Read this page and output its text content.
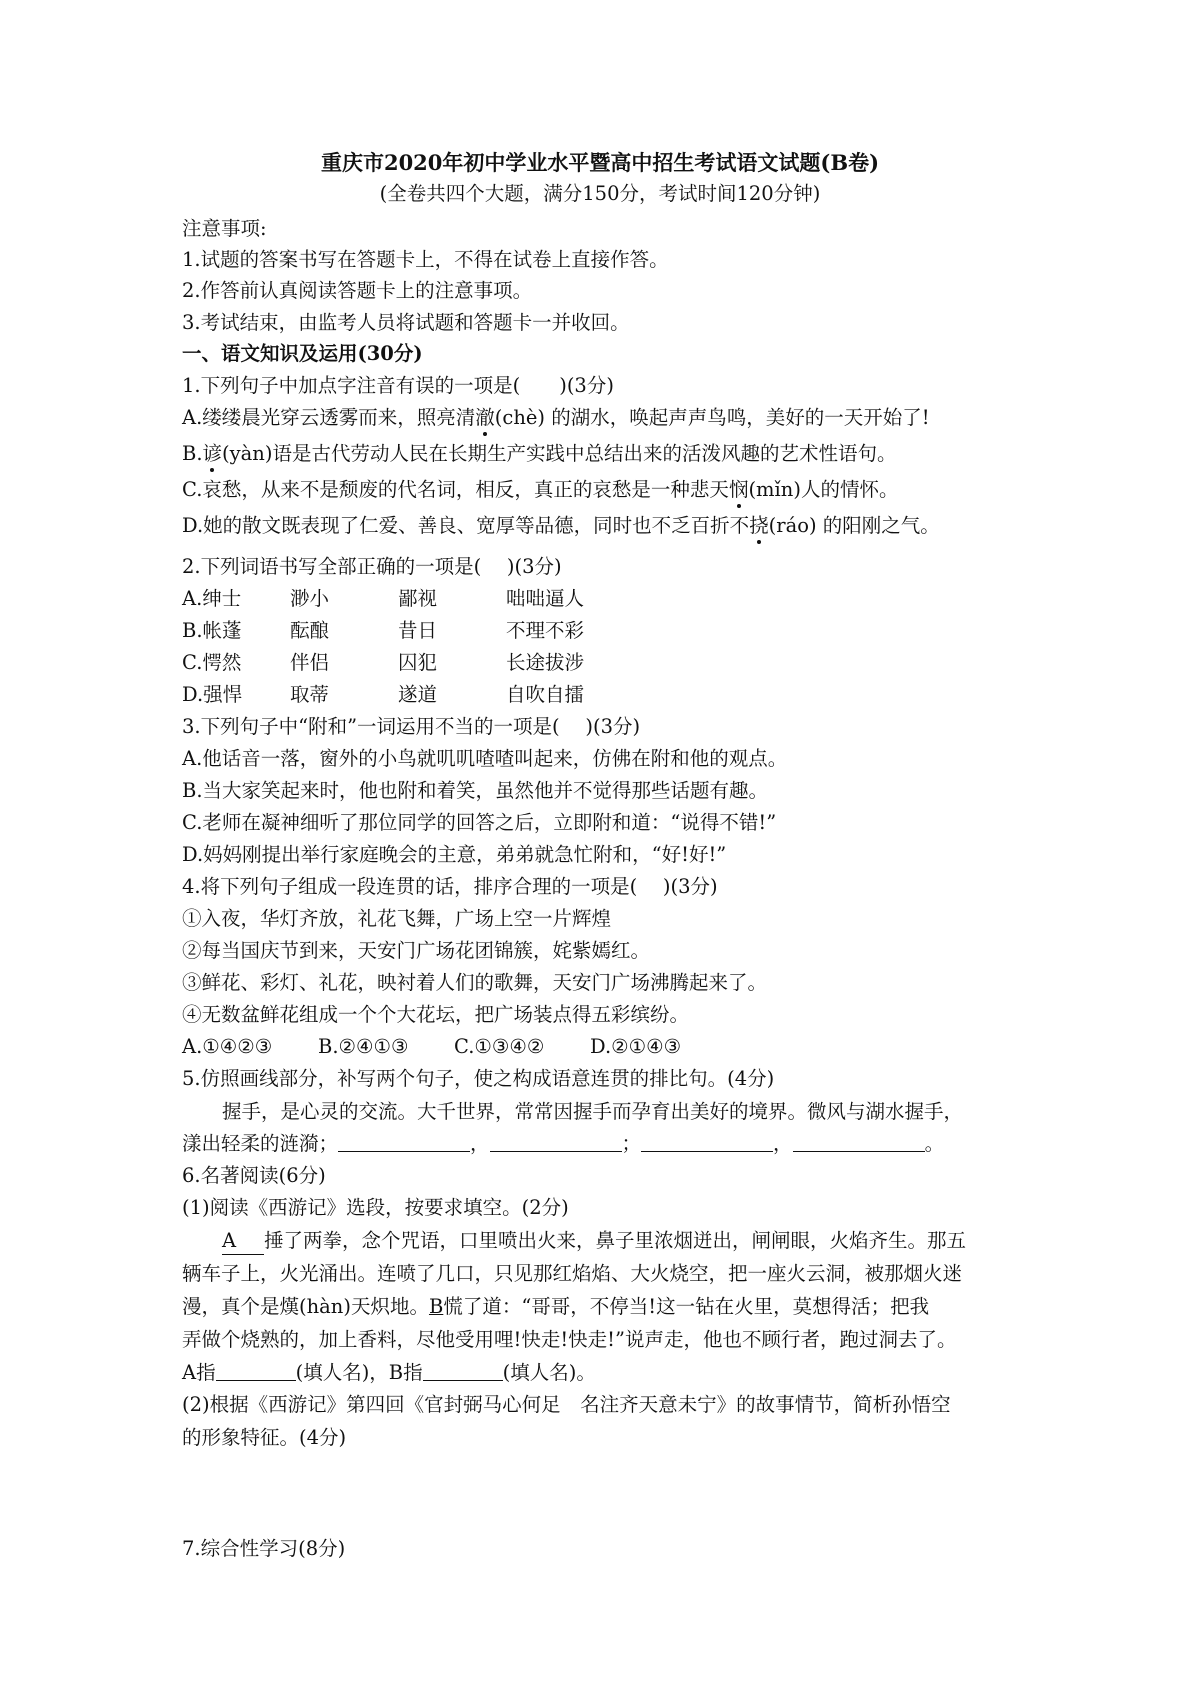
重庆市2020年初中学业水平暨高中招生考试语文试题(B卷)
(全卷共四个大题，满分150分，考试时间120分钟)
注意事项:
1.试题的答案书写在答题卡上，不得在试卷上直接作答。
2.作答前认真阅读答题卡上的注意事项。
3.考试结束，由监考人员将试题和答题卡一并收回。
一、语文知识及运用(30分)
1.下列句子中加点字注音有误的一项是(　　)(3分)
A.缕缕晨光穿云透雾而来，照亮清澈(chè) 的湖水，唤起声声鸟鸣，美好的一天开始了!
B.谚(yàn)语是古代劳动人民在长期生产实践中总结出来的活泼风趣的艺术性语句。
C.哀愁，从来不是颓废的代名词，相反，真正的哀愁是一种悲天悯(mǐn)人的情怀。
D.她的散文既表现了仁爱、善良、宽厚等品德，同时也不乏百折不挠(ráo) 的阳刚之气。
2.下列词语书写全部正确的一项是(　 )(3分)
A.绅士 渺小	鄙视	咄咄逼人
B.帐蓬 酝酿	昔日	不理不彩
C.愕然 伴侣	囚犯	长途拔涉
D.强悍 取蒂	遂道	自吹自擂
3.下列句子中“附和”一词运用不当的一项是(　 )(3分)
A.他话音一落，窗外的小鸟就叽叽喳喳叫起来，仿佛在附和他的观点。
B.当大家笑起来时，他也附和着笑，虽然他并不觉得那些话题有趣。
C.老师在凝神细听了那位同学的回答之后，立即附和道：“说得不错!”
D.妈妈刚提出举行家庭晚会的主意，弟弟就急忙附和，“好!好!”
4.将下列句子组成一段连贯的话，排序合理的一项是(　 )(3分)
①入夜，华灯齐放，礼花飞舞，广场上空一片辉煌
②每当国庆节到来，天安门广场花团锦簇，姹紫嫣红。
③鲜花、彩灯、礼花，映衬着人们的歌舞，天安门广场沸腾起来了。
④无数盆鲜花组成一个个大花坛，把广场装点得五彩缤纷。
A.①④②③ B.②④①③ C.①③④② D.②①④③
5.仿照画线部分，补写两个句子，使之构成语意连贯的排比句。(4分)
握手，是心灵的交流。大千世界，常常因握手而孕育出美好的境界。微风与湖水握手，
漾出轻柔的涟漪；	，	；	，	。
6.名著阅读(6分)
(1)阅读《西游记》选段，按要求填空。(2分)
A 捶了两拳，念个咒语，口里喷出火来，鼻子里浓烟迸出，闸闸眼，火焰齐生。那五
辆车子上，火光涌出。连喷了几口，只见那红焰焰、大火烧空，把一座火云洞，被那烟火迷
漫，真个是熯(hàn)天炽地。B慌了道：“哥哥，不停当!这一钻在火里，莫想得活；把我
弄做个烧熟的，加上香料，尽他受用哩!快走!快走!”说声走，他也不顾行者，跑过洞去了。
A指	(填人名)，B指	(填人名)。
(2)根据《西游记》第四回《官封弼马心何足　名注齐天意未宁》的故事情节，简析孙悟空
的形象特征。(4分)
7.综合性学习(8分)
